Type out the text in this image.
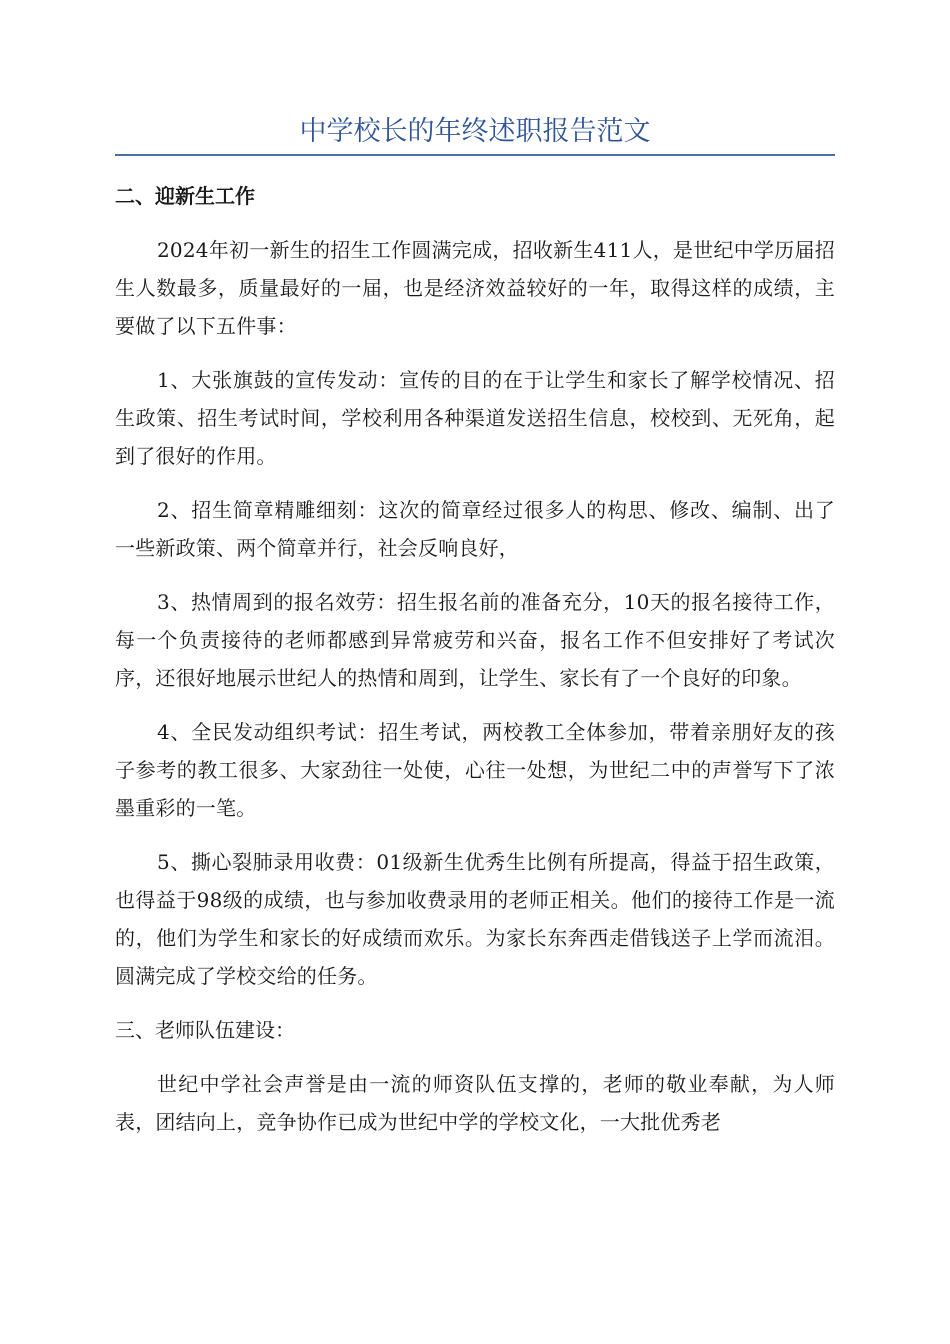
中学校长的年终述职报告范文

二、迎新生工作

2024年初一新生的招生工作圆满完成，招收新生411人，是世纪中学历届招生人数最多，质量最好的一届，也是经济效益较好的一年，取得这样的成绩，主要做了以下五件事：

1、大张旗鼓的宣传发动：宣传的目的在于让学生和家长了解学校情况、招生政策、招生考试时间，学校利用各种渠道发送招生信息，校校到、无死角，起到了很好的作用。

2、招生简章精雕细刻：这次的简章经过很多人的构思、修改、编制、出了一些新政策、两个简章并行，社会反响良好，

3、热情周到的报名效劳：招生报名前的准备充分，10天的报名接待工作，每一个负责接待的老师都感到异常疲劳和兴奋，报名工作不但安排好了考试次序，还很好地展示世纪人的热情和周到，让学生、家长有了一个良好的印象。

4、全民发动组织考试：招生考试，两校教工全体参加，带着亲朋好友的孩子参考的教工很多、大家劲往一处使，心往一处想，为世纪二中的声誉写下了浓墨重彩的一笔。

5、撕心裂肺录用收费：01级新生优秀生比例有所提高，得益于招生政策，也得益于98级的成绩，也与参加收费录用的老师正相关。他们的接待工作是一流的，他们为学生和家长的好成绩而欢乐。为家长东奔西走借钱送子上学而流泪。圆满完成了学校交给的任务。

三、老师队伍建设：

世纪中学社会声誉是由一流的师资队伍支撑的，老师的敬业奉献，为人师表，团结向上，竞争协作已成为世纪中学的学校文化，一大批优秀老
